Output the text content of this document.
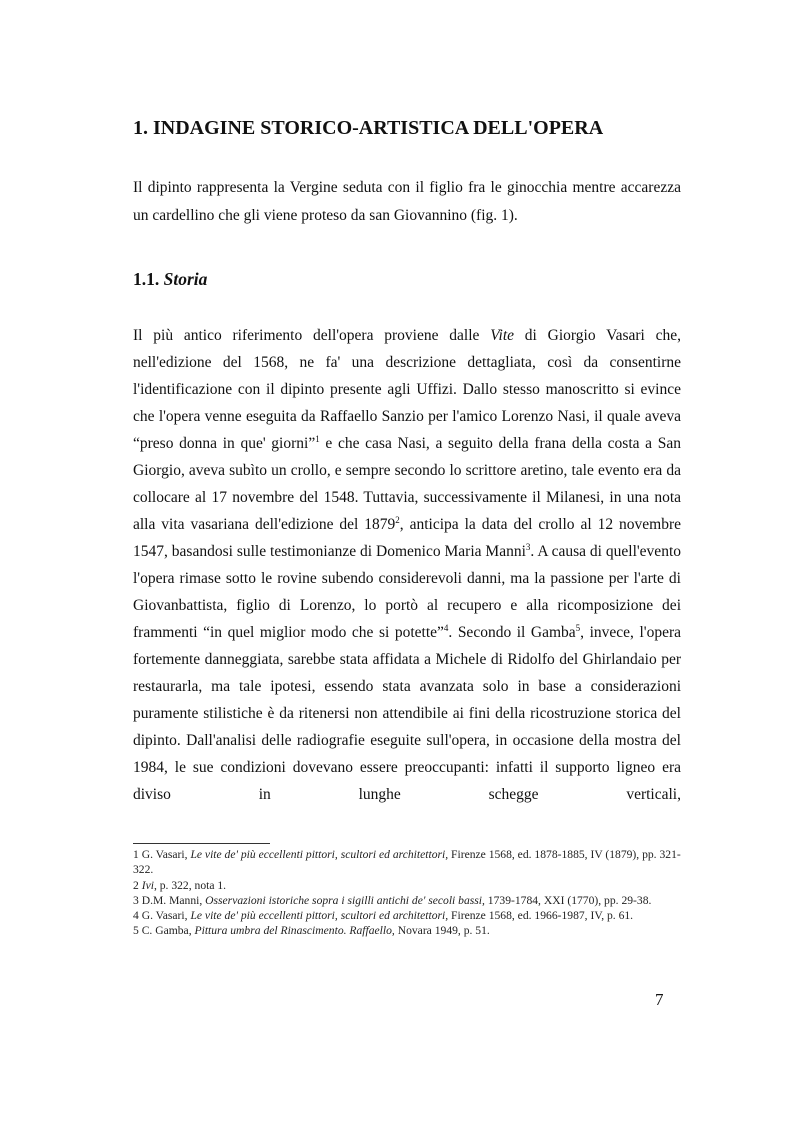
1. INDAGINE STORICO-ARTISTICA DELL'OPERA

Il dipinto rappresenta la Vergine seduta con il figlio fra le ginocchia mentre accarezza un cardellino che gli viene proteso da san Giovannino (fig. 1).

1.1. Storia

Il più antico riferimento dell'opera proviene dalle Vite di Giorgio Vasari che, nell'edizione del 1568, ne fa' una descrizione dettagliata, così da consentirne l'identificazione con il dipinto presente agli Uffizi. Dallo stesso manoscritto si evince che l'opera venne eseguita da Raffaello Sanzio per l'amico Lorenzo Nasi, il quale aveva “preso donna in que' giorni”$^1$ e che casa Nasi, a seguito della frana della costa a San Giorgio, aveva subìto un crollo, e sempre secondo lo scrittore aretino, tale evento era da collocare al 17 novembre del 1548. Tuttavia, successivamente il Milanesi, in una nota alla vita vasariana dell'edizione del 1879$^2$, anticipa la data del crollo al 12 novembre 1547, basandosi sulle testimonianze di Domenico Maria Manni$^3$. A causa di quell'evento l'opera rimase sotto le rovine subendo considerevoli danni, ma la passione per l'arte di Giovanbattista, figlio di Lorenzo, lo portò al recupero e alla ricomposizione dei frammenti “in quel miglior modo che si potette”$^4$. Secondo il Gamba$^5$, invece, l'opera fortemente danneggiata, sarebbe stata affidata a Michele di Ridolfo del Ghirlandaio per restaurarla, ma tale ipotesi, essendo stata avanzata solo in base a considerazioni puramente stilistiche è da ritenersi non attendibile ai fini della ricostruzione storica del dipinto. Dall'analisi delle radiografie eseguite sull'opera, in occasione della mostra del 1984, le sue condizioni dovevano essere preoccupanti: infatti il supporto ligneo era diviso in lunghe schegge verticali,

1 G. Vasari, Le vite de' più eccellenti pittori, scultori ed architettori, Firenze 1568, ed. 1878-1885, IV (1879), pp. 321-322.
2 Ivi, p. 322, nota 1.
3 D.M. Manni, Osservazioni istoriche sopra i sigilli antichi de' secoli bassi, 1739-1784, XXI (1770), pp. 29-38.
4 G. Vasari, Le vite de' più eccellenti pittori, scultori ed architettori, Firenze 1568, ed. 1966-1987, IV, p. 61.
5 C. Gamba, Pittura umbra del Rinascimento. Raffaello, Novara 1949, p. 51.

7
